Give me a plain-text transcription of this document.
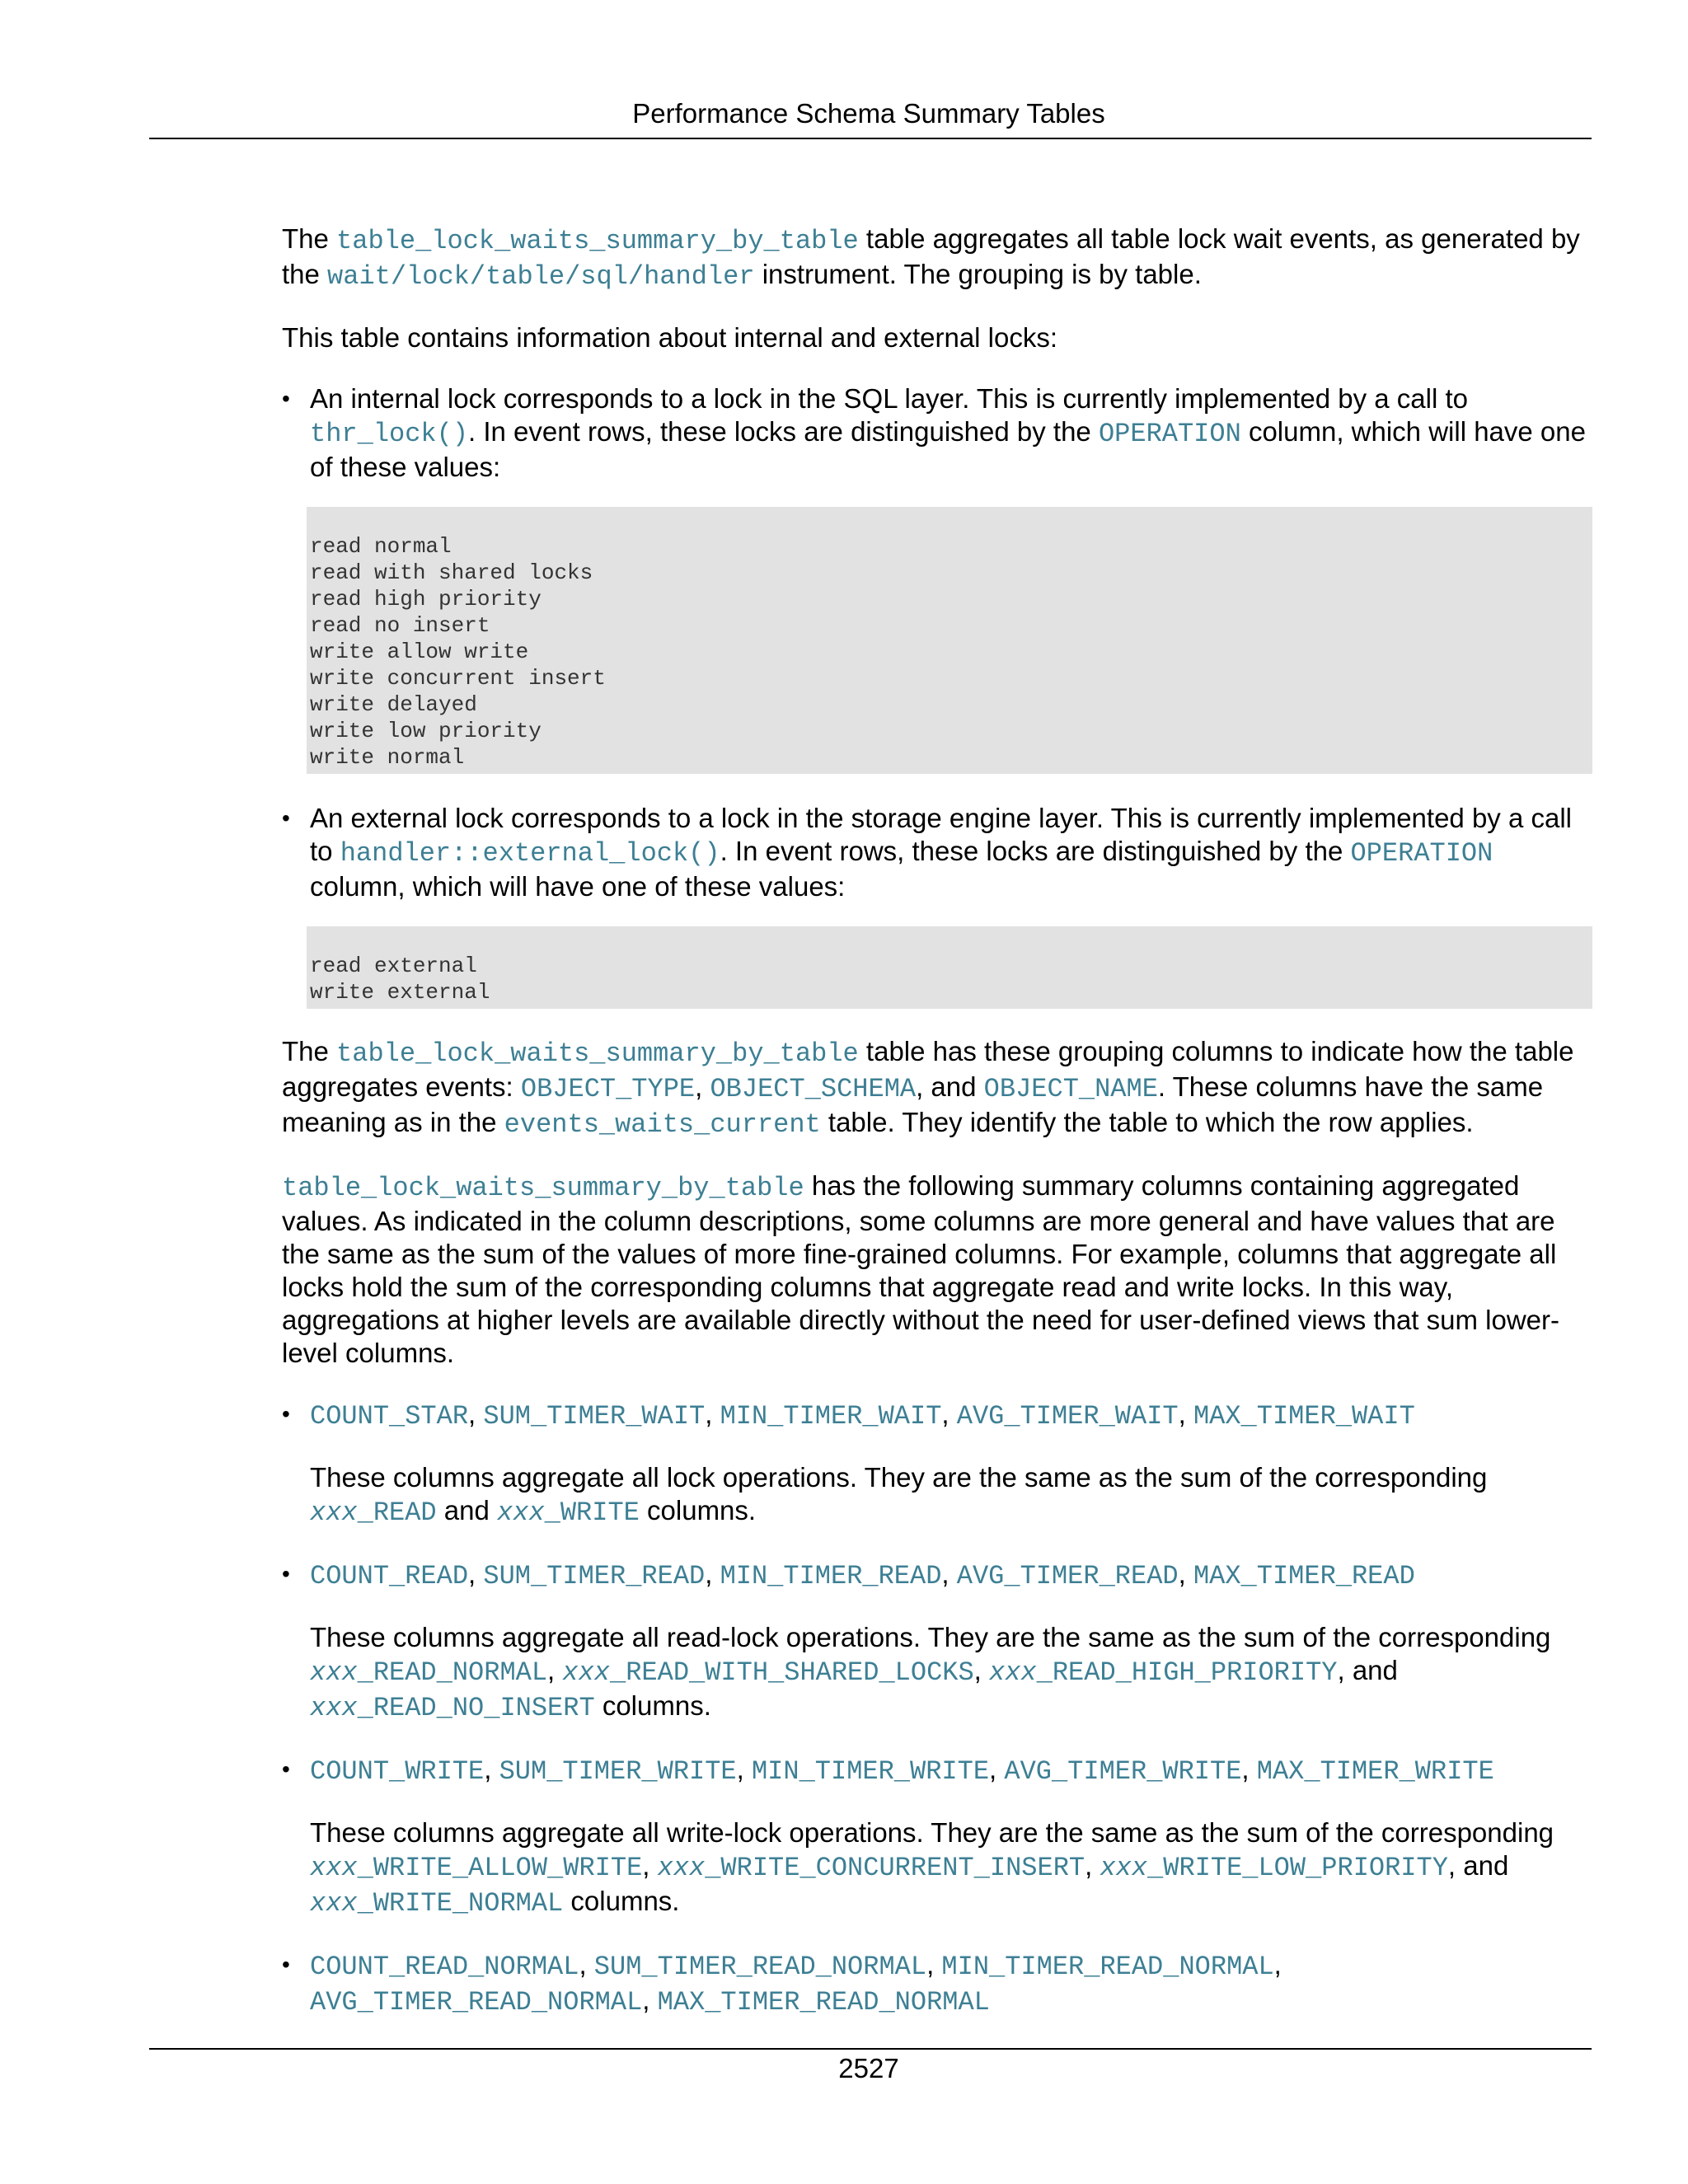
Performance Schema Summary Tables

The table_lock_waits_summary_by_table table aggregates all table lock wait events, as generated by the wait/lock/table/sql/handler instrument. The grouping is by table.

This table contains information about internal and external locks:

• An internal lock corresponds to a lock in the SQL layer. This is currently implemented by a call to thr_lock(). In event rows, these locks are distinguished by the OPERATION column, which will have one of these values:

read normal
read with shared locks
read high priority
read no insert
write allow write
write concurrent insert
write delayed
write low priority
write normal
• An external lock corresponds to a lock in the storage engine layer. This is currently implemented by a call to handler::external_lock(). In event rows, these locks are distinguished by the OPERATION column, which will have one of these values:

read external
write external

The table_lock_waits_summary_by_table table has these grouping columns to indicate how the table aggregates events: OBJECT_TYPE, OBJECT_SCHEMA, and OBJECT_NAME. These columns have the same meaning as in the events_waits_current table. They identify the table to which the row applies.

table_lock_waits_summary_by_table has the following summary columns containing aggregated values. As indicated in the column descriptions, some columns are more general and have values that are the same as the sum of the values of more fine-grained columns. For example, columns that aggregate all locks hold the sum of the corresponding columns that aggregate read and write locks. In this way, aggregations at higher levels are available directly without the need for user-defined views that sum lower-level columns.

• COUNT_STAR, SUM_TIMER_WAIT, MIN_TIMER_WAIT, AVG_TIMER_WAIT, MAX_TIMER_WAIT

These columns aggregate all lock operations. They are the same as the sum of the corresponding xxx_READ and xxx_WRITE columns.

• COUNT_READ, SUM_TIMER_READ, MIN_TIMER_READ, AVG_TIMER_READ, MAX_TIMER_READ

These columns aggregate all read-lock operations. They are the same as the sum of the corresponding xxx_READ_NORMAL, xxx_READ_WITH_SHARED_LOCKS, xxx_READ_HIGH_PRIORITY, and xxx_READ_NO_INSERT columns.

• COUNT_WRITE, SUM_TIMER_WRITE, MIN_TIMER_WRITE, AVG_TIMER_WRITE, MAX_TIMER_WRITE

These columns aggregate all write-lock operations. They are the same as the sum of the corresponding xxx_WRITE_ALLOW_WRITE, xxx_WRITE_CONCURRENT_INSERT, xxx_WRITE_LOW_PRIORITY, and xxx_WRITE_NORMAL columns.

• COUNT_READ_NORMAL, SUM_TIMER_READ_NORMAL, MIN_TIMER_READ_NORMAL,
AVG_TIMER_READ_NORMAL, MAX_TIMER_READ_NORMAL

2527
